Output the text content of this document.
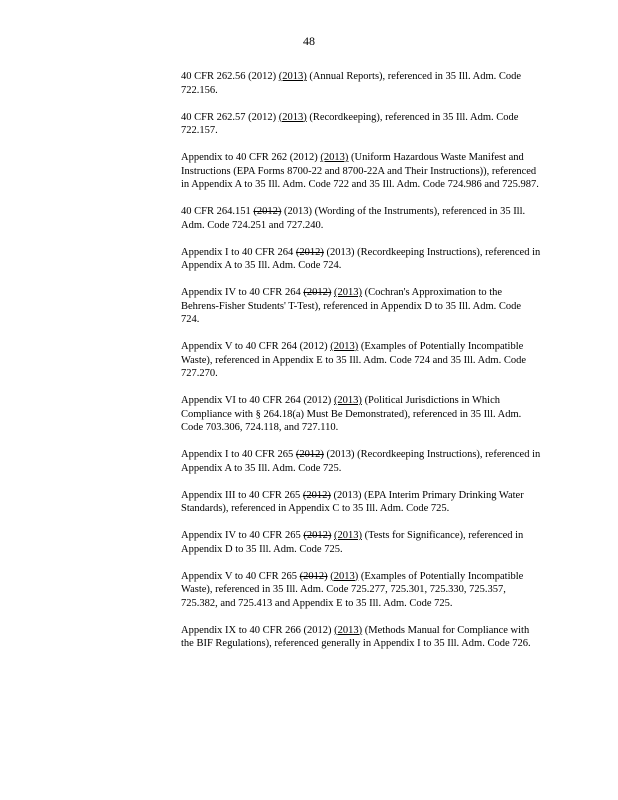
48

40 CFR 262.56 (2012) (2013) (Annual Reports), referenced in 35 Ill. Adm. Code 722.156.

40 CFR 262.57 (2012) (2013) (Recordkeeping), referenced in 35 Ill. Adm. Code 722.157.

Appendix to 40 CFR 262 (2012) (2013) (Uniform Hazardous Waste Manifest and Instructions (EPA Forms 8700-22 and 8700-22A and Their Instructions)), referenced in Appendix A to 35 Ill. Adm. Code 722 and 35 Ill. Adm. Code 724.986 and 725.987.

40 CFR 264.151 (2012) (2013) (Wording of the Instruments), referenced in 35 Ill. Adm. Code 724.251 and 727.240.

Appendix I to 40 CFR 264 (2012) (2013) (Recordkeeping Instructions), referenced in Appendix A to 35 Ill. Adm. Code 724.

Appendix IV to 40 CFR 264 (2012) (2013) (Cochran's Approximation to the Behrens-Fisher Students' T-Test), referenced in Appendix D to 35 Ill. Adm. Code 724.

Appendix V to 40 CFR 264 (2012) (2013) (Examples of Potentially Incompatible Waste), referenced in Appendix E to 35 Ill. Adm. Code 724 and 35 Ill. Adm. Code 727.270.

Appendix VI to 40 CFR 264 (2012) (2013) (Political Jurisdictions in Which Compliance with § 264.18(a) Must Be Demonstrated), referenced in 35 Ill. Adm. Code 703.306, 724.118, and 727.110.

Appendix I to 40 CFR 265 (2012) (2013) (Recordkeeping Instructions), referenced in Appendix A to 35 Ill. Adm. Code 725.

Appendix III to 40 CFR 265 (2012) (2013) (EPA Interim Primary Drinking Water Standards), referenced in Appendix C to 35 Ill. Adm. Code 725.

Appendix IV to 40 CFR 265 (2012) (2013) (Tests for Significance), referenced in Appendix D to 35 Ill. Adm. Code 725.

Appendix V to 40 CFR 265 (2012) (2013) (Examples of Potentially Incompatible Waste), referenced in 35 Ill. Adm. Code 725.277, 725.301, 725.330, 725.357, 725.382, and 725.413 and Appendix E to 35 Ill. Adm. Code 725.

Appendix IX to 40 CFR 266 (2012) (2013) (Methods Manual for Compliance with the BIF Regulations), referenced generally in Appendix I to 35 Ill. Adm. Code 726.
